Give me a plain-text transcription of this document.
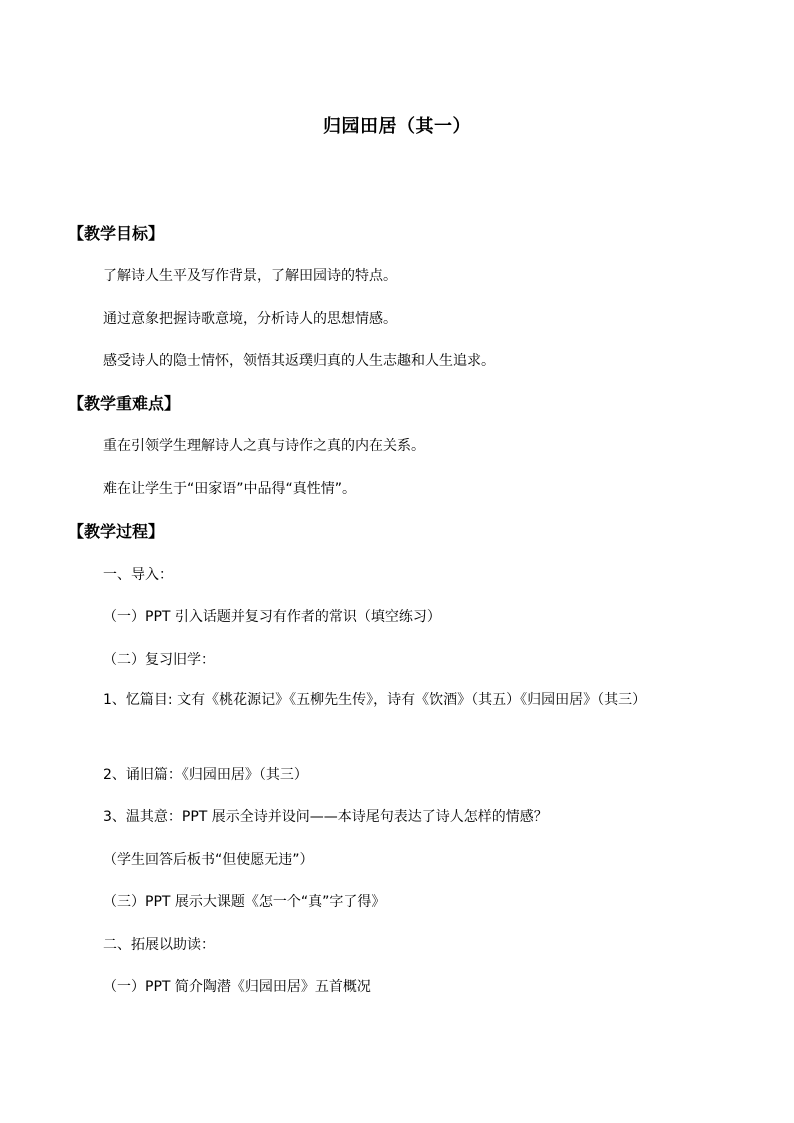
归园田居（其一）
【教学目标】
了解诗人生平及写作背景，了解田园诗的特点。
通过意象把握诗歌意境，分析诗人的思想情感。
感受诗人的隐士情怀，领悟其返璞归真的人生志趣和人生追求。
【教学重难点】
重在引领学生理解诗人之真与诗作之真的内在关系。
难在让学生于“田家语”中品得“真性情”。
【教学过程】
一、导入：
（一）PPT 引入话题并复习有作者的常识（填空练习）
（二）复习旧学：
1、忆篇目: 文有《桃花源记》《五柳先生传》，诗有《饮酒》（其五）《归园田居》（其三）
2、诵旧篇：《归园田居》（其三）
3、温其意：PPT 展示全诗并设问——本诗尾句表达了诗人怎样的情感？
（学生回答后板书“但使愿无违”）
（三）PPT 展示大课题《怎一个“真”字了得》
二、拓展以助读：
（一）PPT 简介陶潜《归园田居》五首概况
